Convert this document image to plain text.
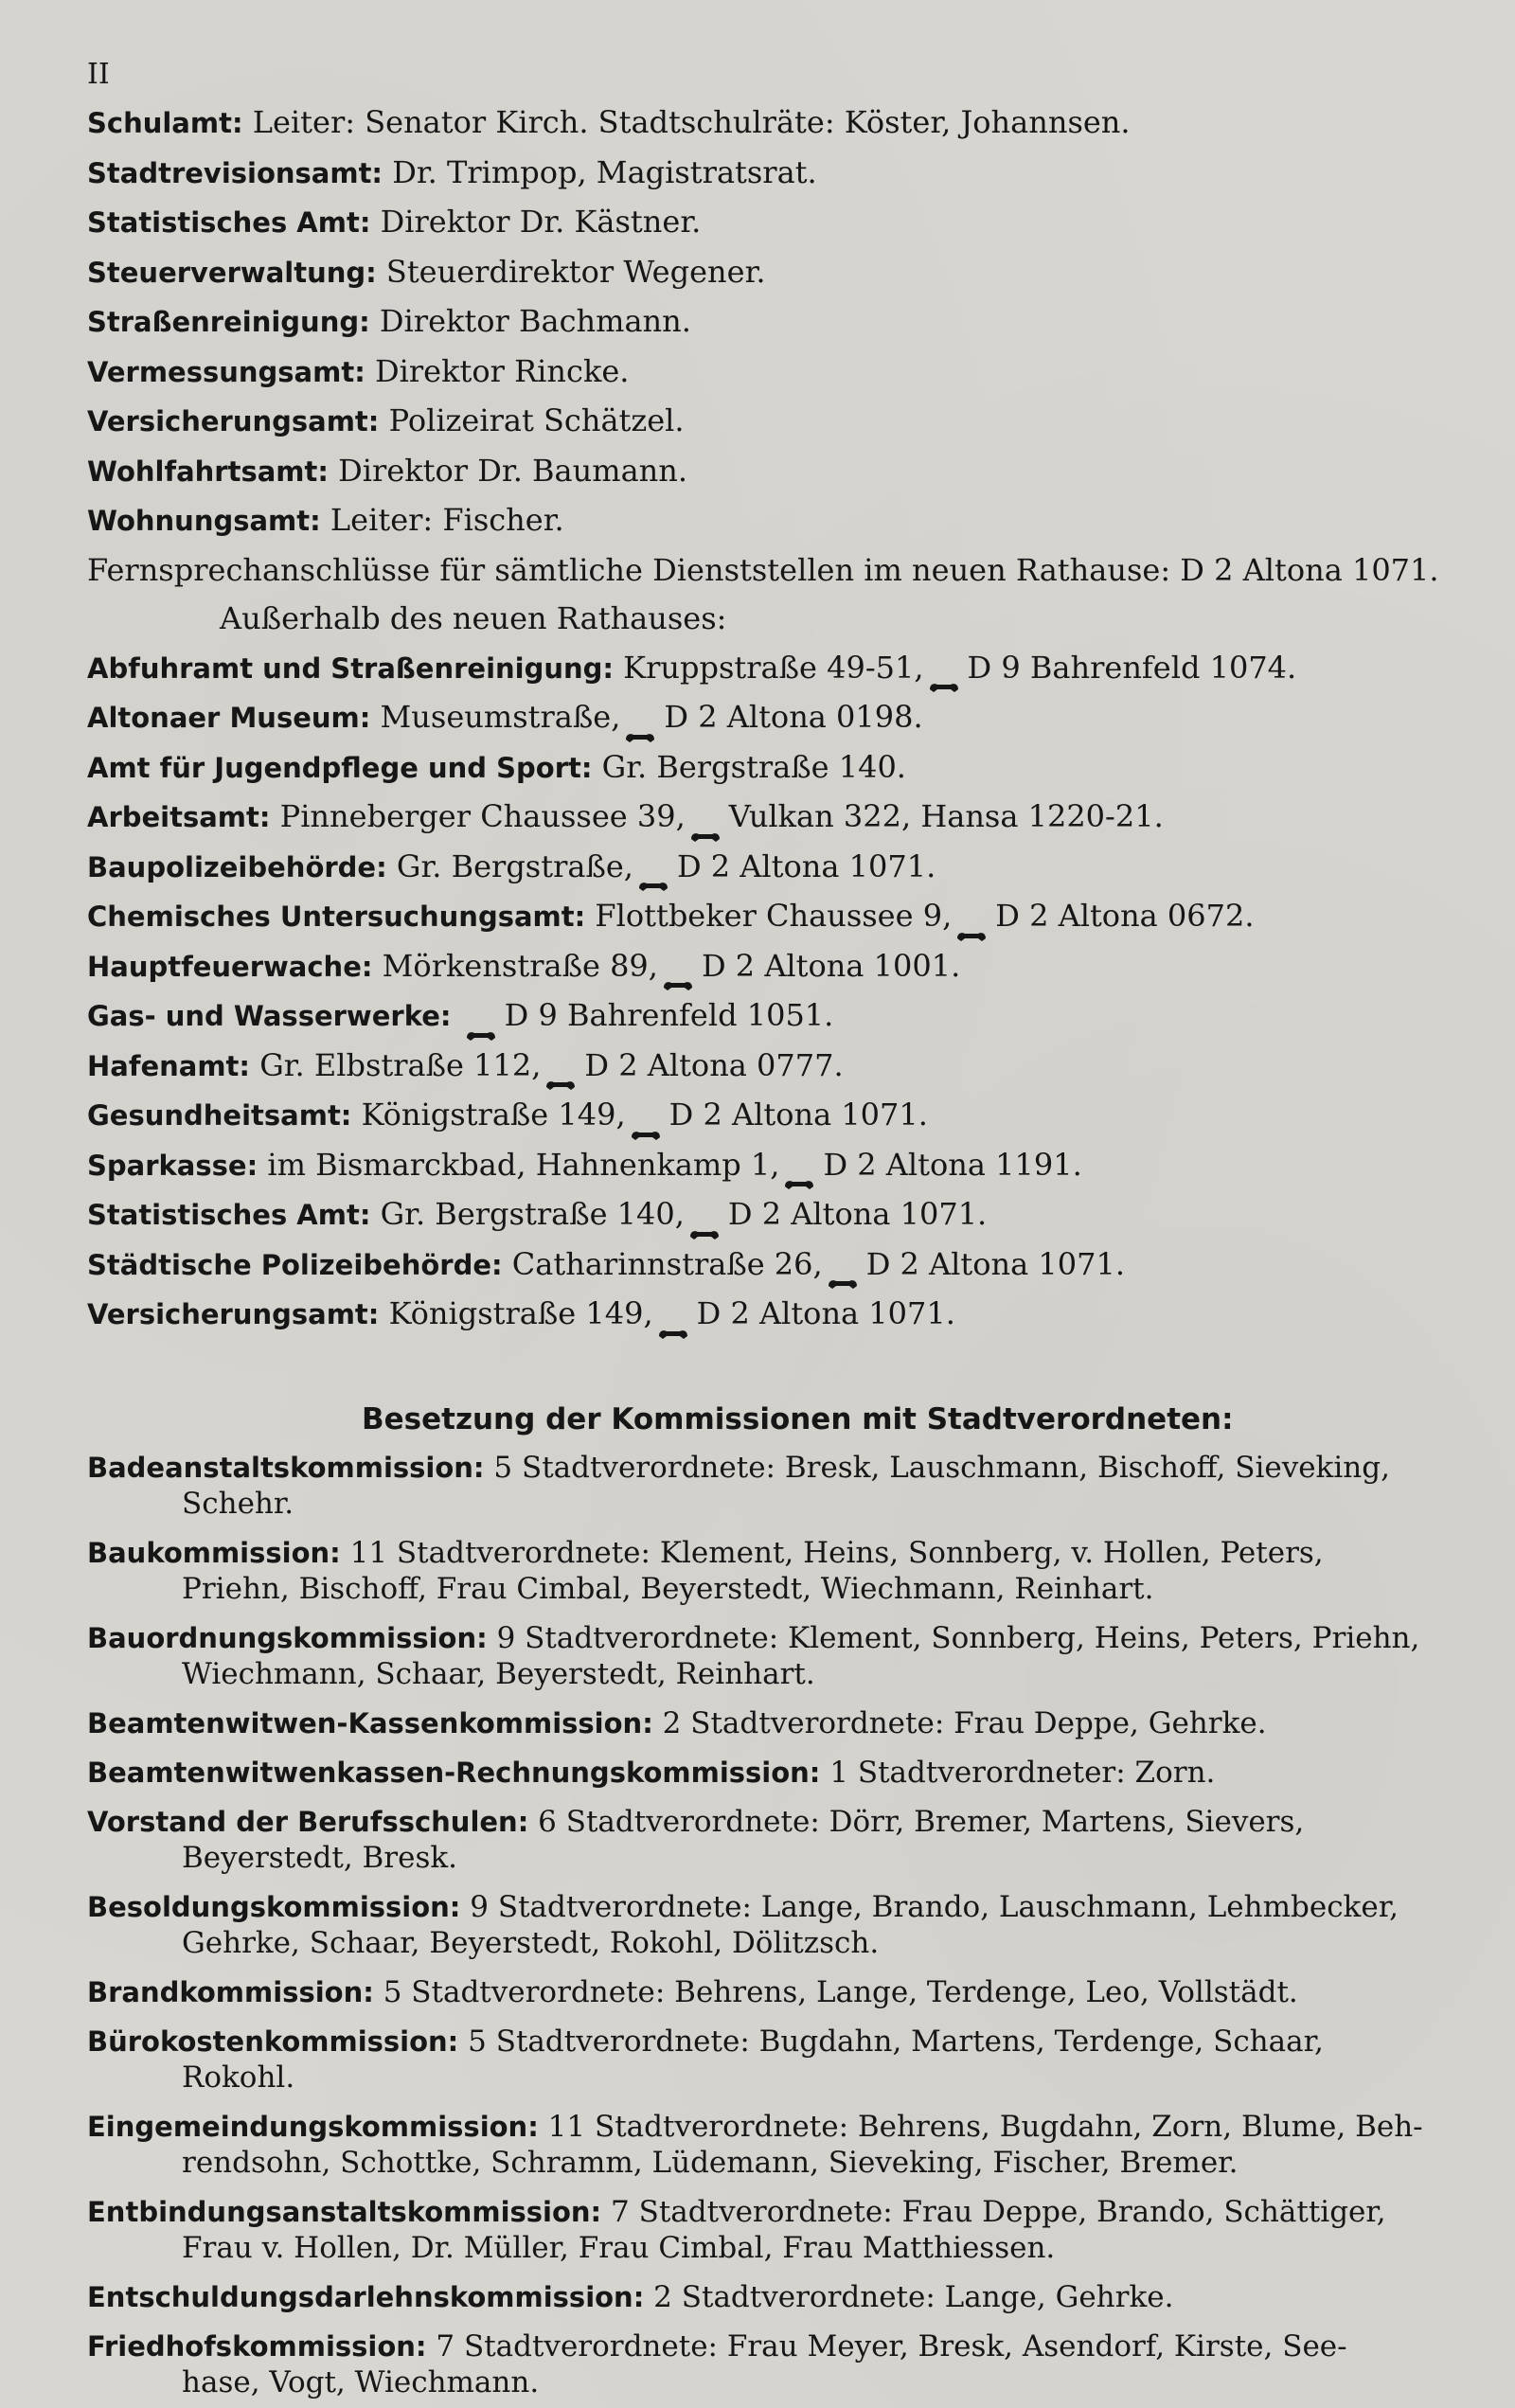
II
Schulamt: Leiter: Senator Kirch. Stadtschulräte: Köster, Johannsen.
Stadtrevisionsamt: Dr. Trimpop, Magistratsrat.
Statistisches Amt: Direktor Dr. Kästner.
Steuerverwaltung: Steuerdirektor Wegener.
Straßenreinigung: Direktor Bachmann.
Vermessungsamt: Direktor Rincke.
Versicherungsamt: Polizeirat Schätzel.
Wohlfahrtsamt: Direktor Dr. Baumann.
Wohnungsamt: Leiter: Fischer.
Fernsprechanschlüsse für sämtliche Dienststellen im neuen Rathause: D 2 Altona 1071.
Außerhalb des neuen Rathauses:
Abfuhramt und Straßenreinigung: Kruppstraße 49-51, D 9 Bahrenfeld 1074.
Altonaer Museum: Museumstraße, D 2 Altona 0198.
Amt für Jugendpflege und Sport: Gr. Bergstraße 140.
Arbeitsamt: Pinneberger Chaussee 39, Vulkan 322, Hansa 1220-21.
Baupolizeibehörde: Gr. Bergstraße, D 2 Altona 1071.
Chemisches Untersuchungsamt: Flottbeker Chaussee 9, D 2 Altona 0672.
Hauptfeuerwache: Mörkenstraße 89, D 2 Altona 1001.
Gas- und Wasserwerke: D 9 Bahrenfeld 1051.
Hafenamt: Gr. Elbstraße 112, D 2 Altona 0777.
Gesundheitsamt: Königstraße 149, D 2 Altona 1071.
Sparkasse: im Bismarckbad, Hahnenkamp 1, D 2 Altona 1191.
Statistisches Amt: Gr. Bergstraße 140, D 2 Altona 1071.
Städtische Polizeibehörde: Catharinnstraße 26, D 2 Altona 1071.
Versicherungsamt: Königstraße 149, D 2 Altona 1071.
Besetzung der Kommissionen mit Stadtverordneten:
Badeanstaltskommission: 5 Stadtverordnete: Bresk, Lauschmann, Bischoff, Sieveking,
Schehr.
Baukommission: 11 Stadtverordnete: Klement, Heins, Sonnberg, v. Hollen, Peters,
Priehn, Bischoff, Frau Cimbal, Beyerstedt, Wiechmann, Reinhart.
Bauordnungskommission: 9 Stadtverordnete: Klement, Sonnberg, Heins, Peters, Priehn,
Wiechmann, Schaar, Beyerstedt, Reinhart.
Beamtenwitwen-Kassenkommission: 2 Stadtverordnete: Frau Deppe, Gehrke.
Beamtenwitwenkassen-Rechnungskommission: 1 Stadtverordneter: Zorn.
Vorstand der Berufsschulen: 6 Stadtverordnete: Dörr, Bremer, Martens, Sievers,
Beyerstedt, Bresk.
Besoldungskommission: 9 Stadtverordnete: Lange, Brando, Lauschmann, Lehmbecker,
Gehrke, Schaar, Beyerstedt, Rokohl, Dölitzsch.
Brandkommission: 5 Stadtverordnete: Behrens, Lange, Terdenge, Leo, Vollstädt.
Bürokostenkommission: 5 Stadtverordnete: Bugdahn, Martens, Terdenge, Schaar,
Rokohl.
Eingemeindungskommission: 11 Stadtverordnete: Behrens, Bugdahn, Zorn, Blume, Beh-
rendsohn, Schottke, Schramm, Lüdemann, Sieveking, Fischer, Bremer.
Entbindungsanstaltskommission: 7 Stadtverordnete: Frau Deppe, Brando, Schättiger,
Frau v. Hollen, Dr. Müller, Frau Cimbal, Frau Matthiessen.
Entschuldungsdarlehnskommission: 2 Stadtverordnete: Lange, Gehrke.
Friedhofskommission: 7 Stadtverordnete: Frau Meyer, Bresk, Asendorf, Kirste, See-
hase, Vogt, Wiechmann.
